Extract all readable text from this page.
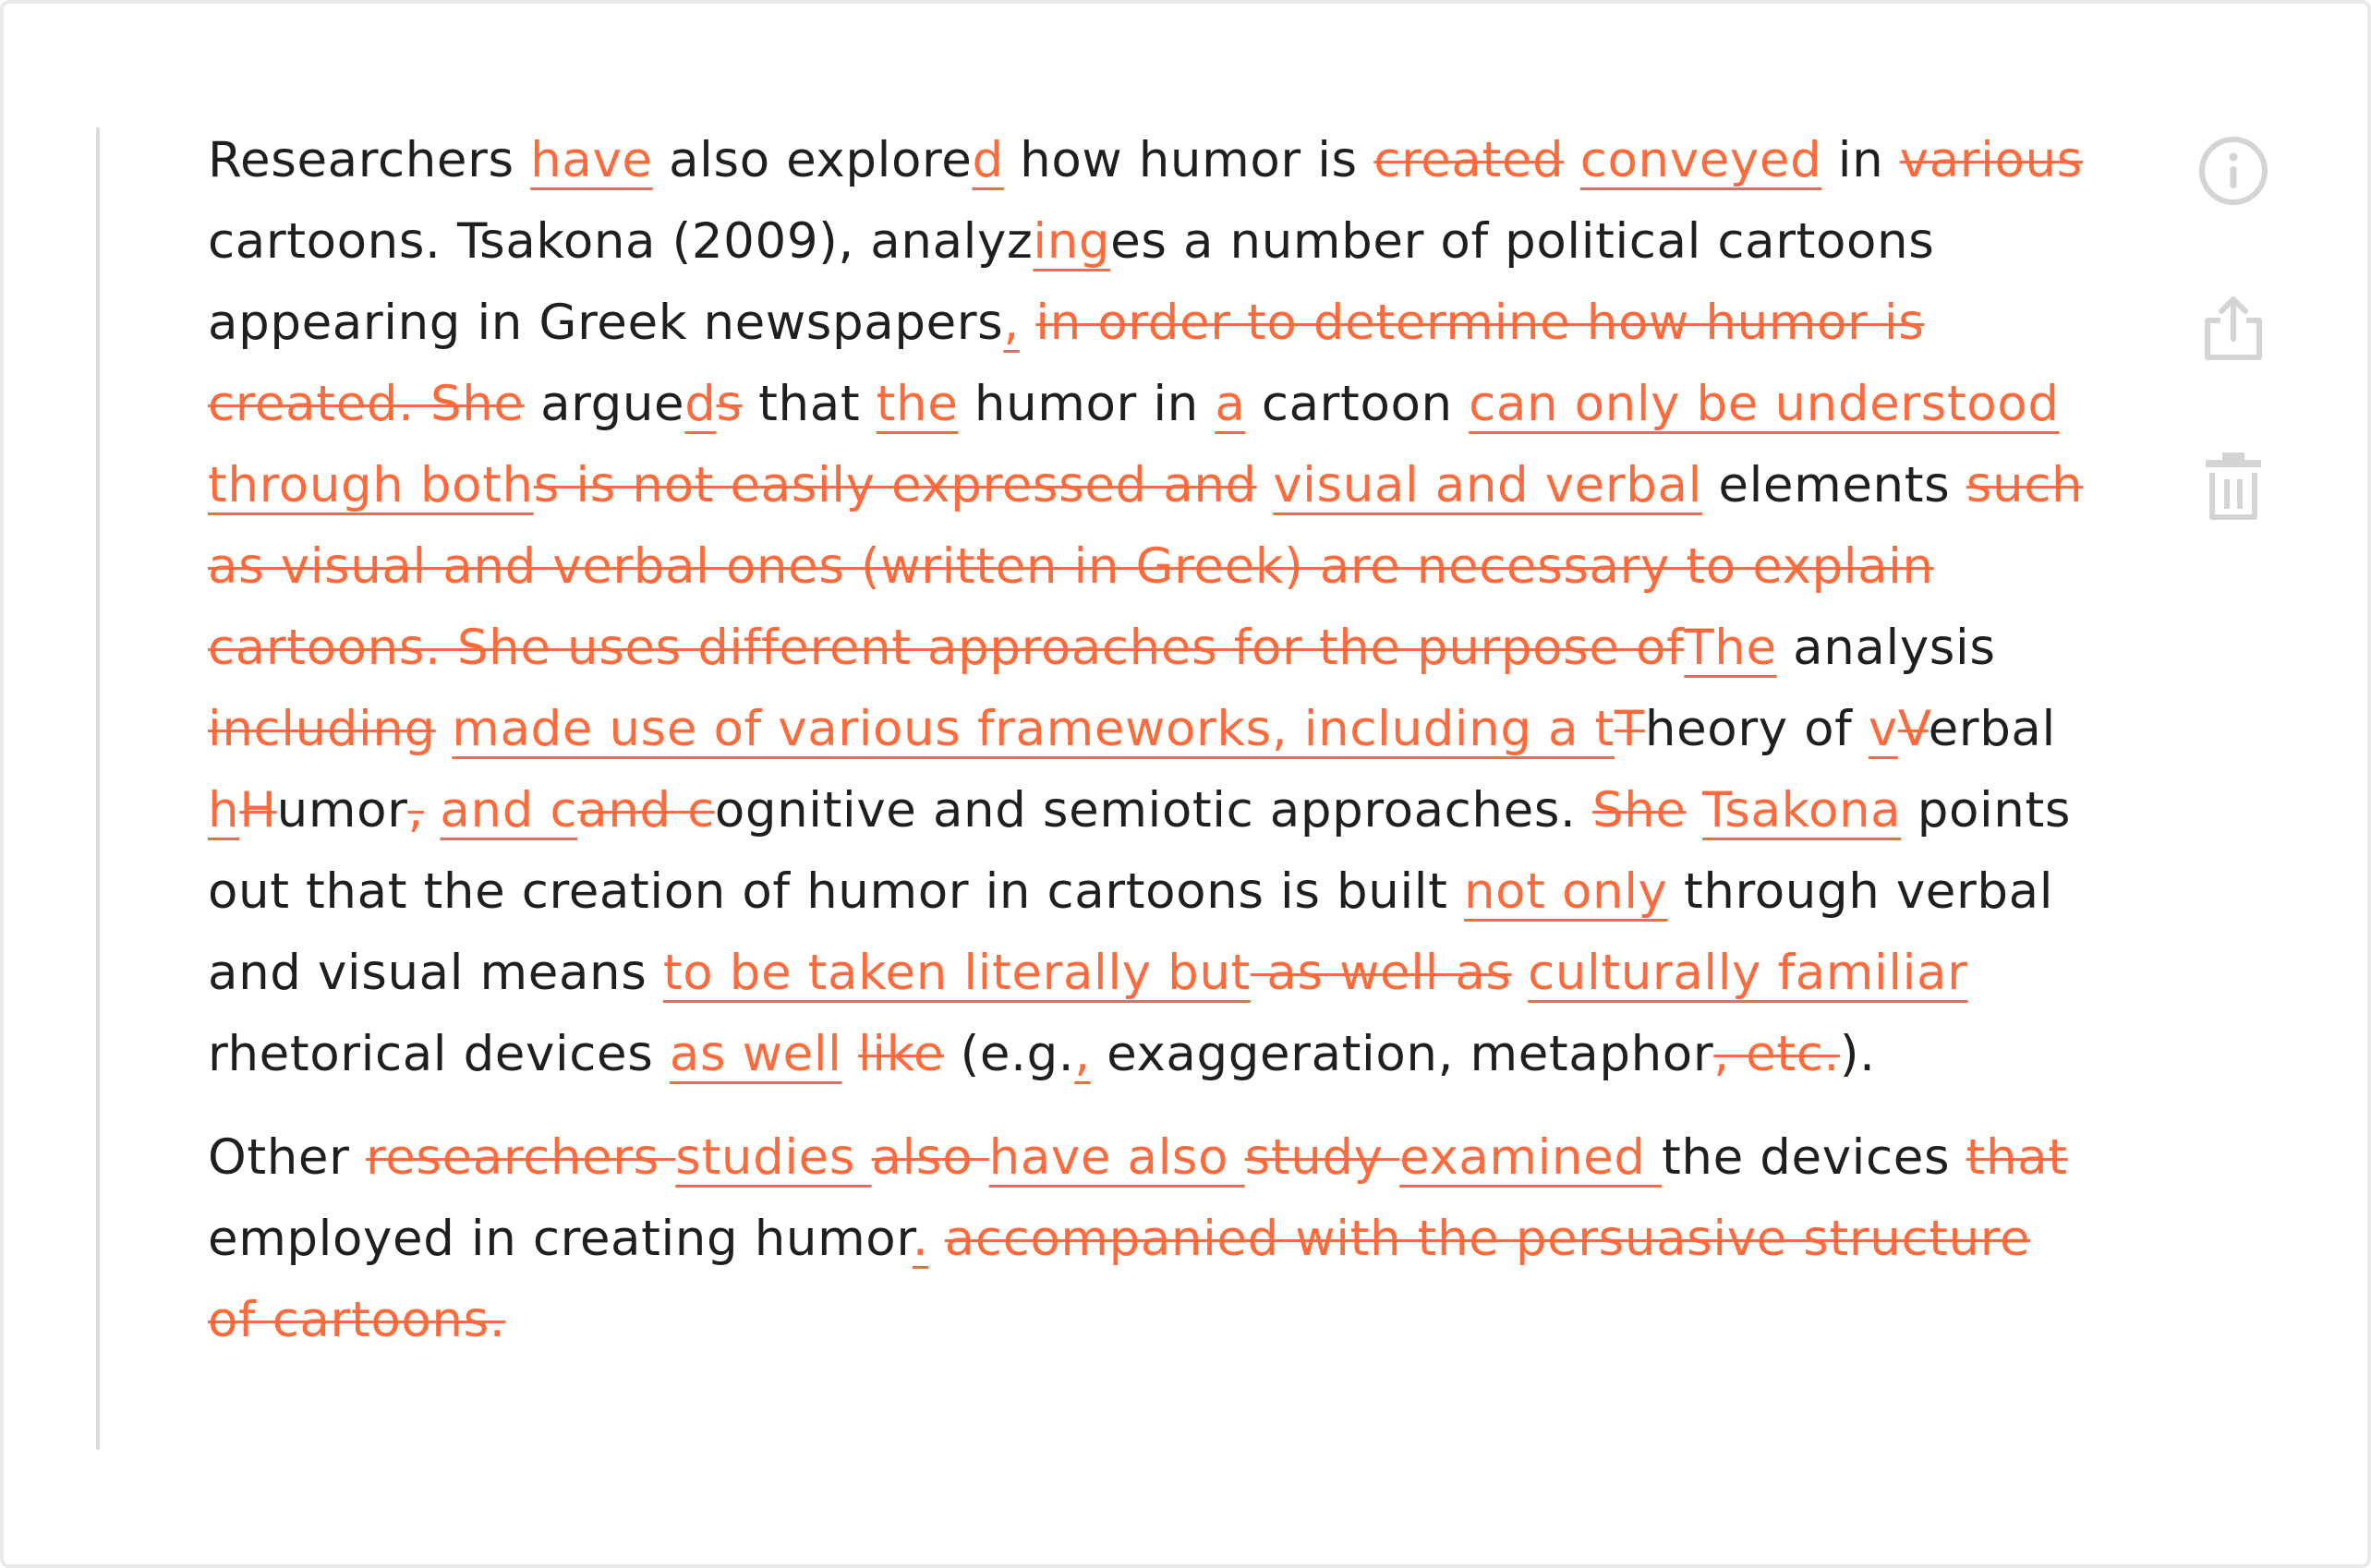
Researchers have also explored how humor is created conveyed in various cartoons. Tsakona (2009), analyzinges a number of political cartoons appearing in Greek newspapers, in order to determine how humor is created. She argueds that the humor in a cartoon can only be understood through boths is not easily expressed and visual and verbal elements such as visual and verbal ones (written in Greek) are necessary to explain cartoons. She uses different approaches for the purpose ofThe analysis including made use of various frameworks, including a tTheory of vVerbal hHumor, and cand cognitive and semiotic approaches. She Tsakona points out that the creation of humor in cartoons is built not only through verbal and visual means to be taken literally but as well as culturally familiar rhetorical devices as well like (e.g., exaggeration, metaphor, etc.).

Other researchers studies also have also study examined the devices that employed in creating humor. accompanied with the persuasive structure of cartoons.
